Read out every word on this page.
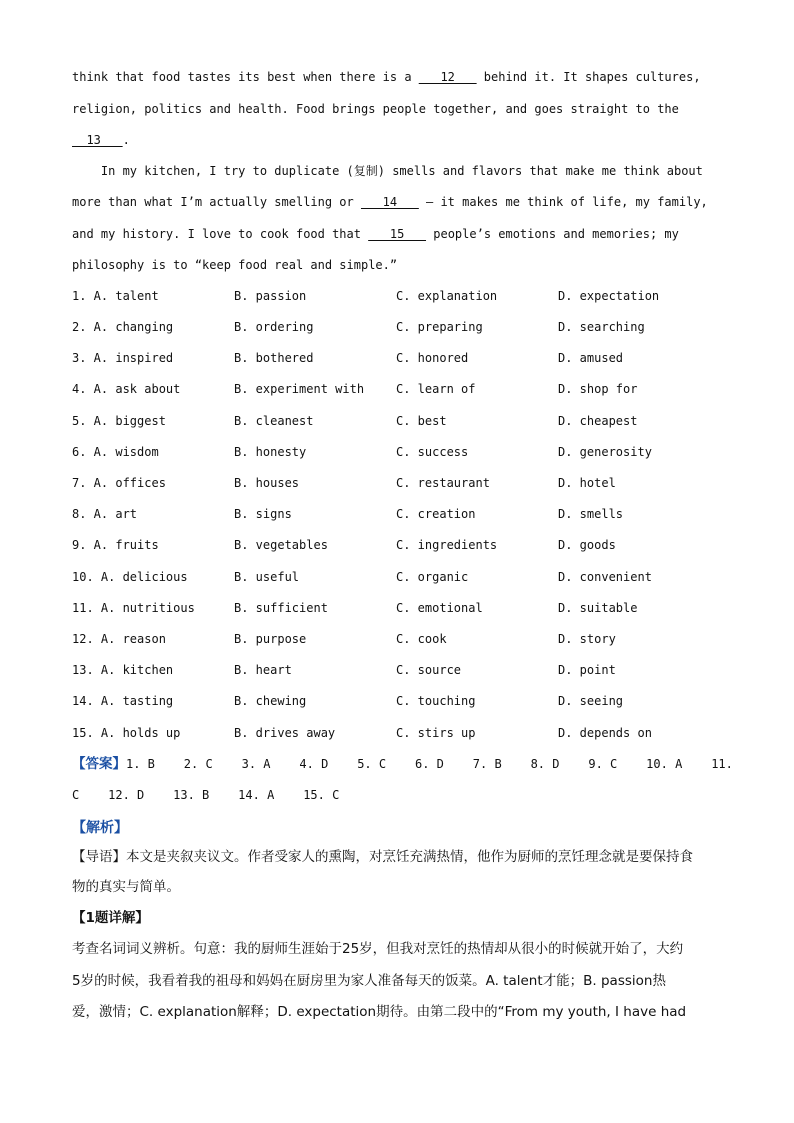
think that food tastes its best when there is a ___12___ behind it. It shapes cultures,
religion, politics and health. Food brings people together, and goes straight to the
__13___.
In my kitchen, I try to duplicate (复制) smells and flavors that make me think about
more than what I’m actually smelling or ___14___ — it makes me think of life, my family,
and my history. I love to cook food that ___15___ people’s emotions and memories; my
philosophy is to “keep food real and simple.”
1. A. talent	B. passion	C. explanation	D. expectation
2. A. changing	B. ordering	C. preparing	D. searching
3. A. inspired	B. bothered	C. honored	D. amused
4. A. ask about	B. experiment with	C. learn of	D. shop for
5. A. biggest	B. cleanest	C. best	D. cheapest
6. A. wisdom	B. honesty	C. success	D. generosity
7. A. offices	B. houses	C. restaurant	D. hotel
8. A. art	B. signs	C. creation	D. smells
9. A. fruits	B. vegetables	C. ingredients	D. goods
10. A. delicious	B. useful	C. organic	D. convenient
11. A. nutritious	B. sufficient	C. emotional	D. suitable
12. A. reason	B. purpose	C. cook	D. story
13. A. kitchen	B. heart	C. source	D. point
14. A. tasting	B. chewing	C. touching	D. seeing
15. A. holds up	B. drives away	C. stirs up	D. depends on
【答案】1. B    2. C    3. A    4. D    5. C    6. D    7. B    8. D    9. C    10. A    11.
C    12. D    13. B    14. A    15. C
【解析】
【导语】本文是夹叙夹议文。作者受家人的熏陶，对烹饪充满热情，他作为厨师的烹饪理念就是要保持食
物的真实与简单。
【1题详解】
考查名词词义辨析。句意：我的厨师生涯始于25岁，但我对烹饪的热情却从很小的时候就开始了，大约
5岁的时候，我看着我的祖母和妈妈在厨房里为家人准备每天的饭菜。A. talent才能；B. passion热
爱，激情；C. explanation解释；D. expectation期待。由第二段中的“From my youth, I have had
